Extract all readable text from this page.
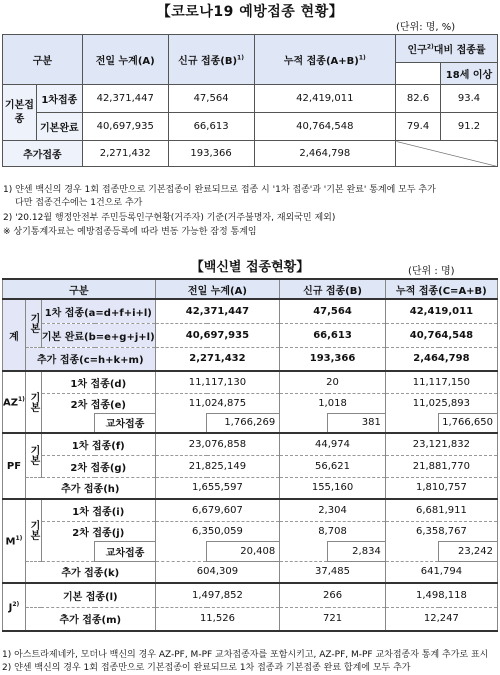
【코로나19 예방접종 현황】
(단위: 명, %)
구분		전일 누계(A)	신규 접종$(B)^{1)}$	누적 접종$(A+B)^{1)}$	인구$^{2)}$대비 접종률	
						18세 이상
기본접종	1차접종	42,371,447	47,564	42,419,011	82.6	93.4
	기본완료	40,697,935	66,613	40,764,548	79.4	91.2
추가접종		2,271,432	193,366	2,464,798		
1) 얀센 백신의 경우 1회 접종만으로 기본접종이 완료되므로 접종 시 '1차 접종'과 '기본 완료' 통계에 모두 추가
다만 접종건수에는 1건으로 추가
2) '20.12월 행정안전부 주민등록인구현황(거주자) 기준(거주불명자, 재외국민 제외)
※ 상기통계자료는 예방접종등록에 따라 변동 가능한 잠정 통계임
【백신별 접종현황】	(단위 : 명)
구분				전일 누계(A)		신규 접종(B)		누적 접종(C=A+B)	
계	기본	1차 접종(a=d+f+i+l)		42,371,447		47,564		42,419,011	
		기본 완료(b=e+g+j+l)		40,697,935		66,613		40,764,548	
	추가 접종(c=h+k+m)			2,271,432		193,366		2,464,798	
AZ$^{1)}$	기본	1차 접종(d)		11,117,130		20		11,117,150	
		2차 접종(e)		11,024,875		1,018		11,025,893	
			교차접종		1,766,269		381		1,766,650
PF	기본	1차 접종(f)		23,076,858		44,974		23,121,832	
		2차 접종(g)		21,825,149		56,621		21,881,770	
	추가 접종(h)			1,655,597		155,160		1,810,757	
$M^{1)}$	기본	1차 접종(i)		6,679,607		2,304		6,681,911	
		2차 접종(j)		6,350,059		8,708		6,358,767	
			교차접종		20,408		2,834		23,242
	추가 접종(k)			604,309		37,485		641,794	
$J^{2)}$	기본 접종(l)			1,497,852		266		1,498,118	
	추가 접종(m)			11,526		721		12,247	
1) 아스트라제네카, 모더나 백신의 경우 AZ-PF, M-PF 교차접종자를 포함시키고, AZ-PF, M-PF 교차접종자 통계 추가로 표시
2) 얀센 백신의 경우 1회 접종만으로 기본접종이 완료되므로 1차 접종과 기본접종 완료 합계에 모두 추가
